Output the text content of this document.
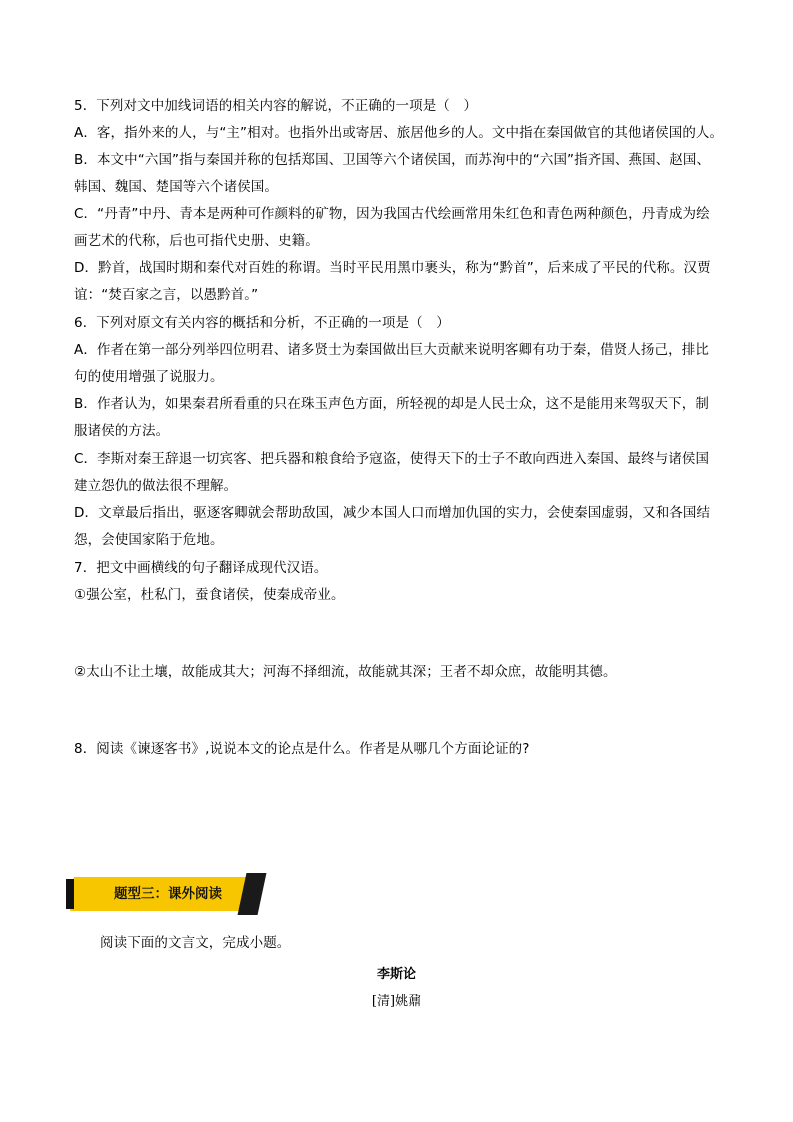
5．下列对文中加线词语的相关内容的解说，不正确的一项是（　）
A．客，指外来的人，与“主”相对。也指外出或寄居、旅居他乡的人。文中指在秦国做官的其他诸侯国的人。
B．本文中“六国”指与秦国并称的包括郑国、卫国等六个诸侯国，而苏洵中的“六国”指齐国、燕国、赵国、
韩国、魏国、楚国等六个诸侯国。
C．“丹青”中丹、青本是两种可作颜料的矿物，因为我国古代绘画常用朱红色和青色两种颜色，丹青成为绘
画艺术的代称，后也可指代史册、史籍。
D．黔首，战国时期和秦代对百姓的称谓。当时平民用黑巾裹头，称为“黔首”，后来成了平民的代称。汉贾
谊：“焚百家之言，以愚黔首。”
6．下列对原文有关内容的概括和分析，不正确的一项是（　）
A．作者在第一部分列举四位明君、诸多贤士为秦国做出巨大贡献来说明客卿有功于秦，借贤人扬己，排比
句的使用增强了说服力。
B．作者认为，如果秦君所看重的只在珠玉声色方面，所轻视的却是人民士众，这不是能用来驾驭天下，制
服诸侯的方法。
C．李斯对秦王辞退一切宾客、把兵器和粮食给予寇盗，使得天下的士子不敢向西进入秦国、最终与诸侯国
建立怨仇的做法很不理解。
D．文章最后指出，驱逐客卿就会帮助敌国，减少本国人口而增加仇国的实力，会使秦国虚弱，又和各国结
怨，会使国家陷于危地。
7．把文中画横线的句子翻译成现代汉语。
①强公室，杜私门，蚕食诸侯，使秦成帝业。
②太山不让土壤，故能成其大；河海不择细流，故能就其深；王者不却众庶，故能明其德。
8．阅读《谏逐客书》,说说本文的论点是什么。作者是从哪几个方面论证的?
题型三：课外阅读
阅读下面的文言文，完成小题。
李斯论
[清]姚鼐
